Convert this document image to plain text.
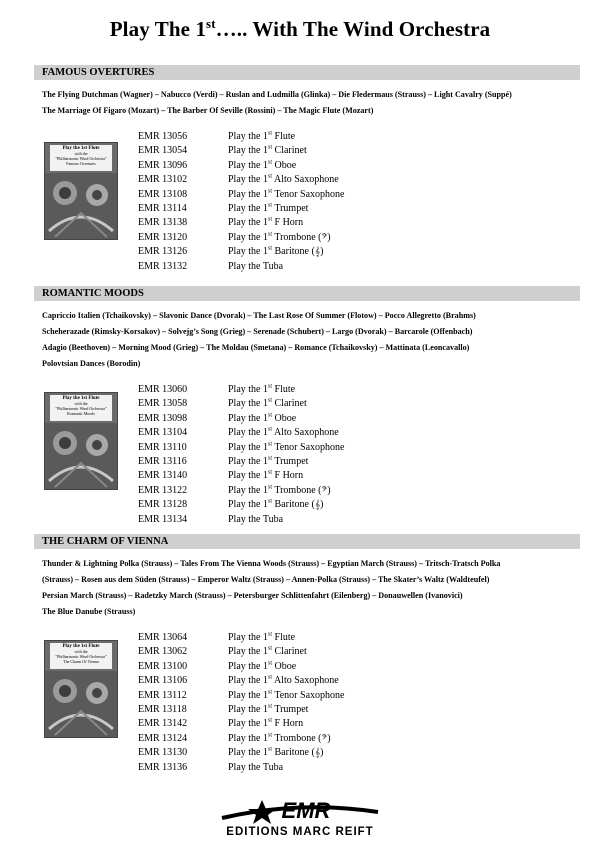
Play The 1st….. With The Wind Orchestra
FAMOUS OVERTURES
The Flying Dutchman (Wagner) – Nabucco (Verdi) – Ruslan and Ludmilla (Glinka) – Die Fledermaus (Strauss) – Light Cavalry (Suppé)
The Marriage Of Figaro (Mozart) – The Barber Of Seville (Rossini) – The Magic Flute (Mozart)
Play the 1st Flute
with the
"Philharmonic Wind Orchestra"
Famous Overtures
EMR 13056	Play the 1st Flute
EMR 13054	Play the 1st Clarinet
EMR 13096	Play the 1st Oboe
EMR 13102	Play the 1st Alto Saxophone
EMR 13108	Play the 1st Tenor Saxophone
EMR 13114	Play the 1st Trumpet
EMR 13138	Play the 1st F Horn
EMR 13120	Play the 1st Trombone (𝄢)
EMR 13126	Play the 1st Baritone (𝄞)
EMR 13132	Play the Tuba
ROMANTIC MOODS
Capriccio Italien (Tchaikovsky) – Slavonic Dance (Dvorak) – The Last Rose Of Summer (Flotow) – Pocco Allegretto (Brahms)
Scheherazade (Rimsky-Korsakov) – Solvejg’s Song (Grieg) – Serenade (Schubert) – Largo (Dvorak) – Barcarole (Offenbach)
Adagio (Beethoven) – Morning Mood (Grieg) – The Moldau (Smetana) – Romance (Tchaikovsky) – Mattinata (Leoncavallo)
Polovtsian Dances (Borodin)
Play the 1st Flute
with the
"Philharmonic Wind Orchestra"
Romantic Moods
EMR 13060	Play the 1st Flute
EMR 13058	Play the 1st Clarinet
EMR 13098	Play the 1st Oboe
EMR 13104	Play the 1st Alto Saxophone
EMR 13110	Play the 1st Tenor Saxophone
EMR 13116	Play the 1st Trumpet
EMR 13140	Play the 1st F Horn
EMR 13122	Play the 1st Trombone (𝄢)
EMR 13128	Play the 1st Baritone (𝄞)
EMR 13134	Play the Tuba
THE CHARM OF VIENNA
Thunder & Lightning Polka (Strauss) – Tales From The Vienna Woods (Strauss) – Egyptian March (Strauss) – Tritsch-Tratsch Polka
(Strauss) – Rosen aus dem Süden (Strauss) – Emperor Waltz (Strauss) – Annen-Polka (Strauss) – The Skater’s Waltz (Waldteufel)
Persian March (Strauss) – Radetzky March (Strauss) – Petersburger Schlittenfahrt (Eilenberg) – Donauwellen (Ivanovici)
The Blue Danube (Strauss)
Play the 1st Flute
with the
"Philharmonic Wind Orchestra"
The Charm Of Vienna
EMR 13064	Play the 1st Flute
EMR 13062	Play the 1st Clarinet
EMR 13100	Play the 1st Oboe
EMR 13106	Play the 1st Alto Saxophone
EMR 13112	Play the 1st Tenor Saxophone
EMR 13118	Play the 1st Trumpet
EMR 13142	Play the 1st F Horn
EMR 13124	Play the 1st Trombone (𝄢)
EMR 13130	Play the 1st Baritone (𝄞)
EMR 13136	Play the Tuba
EMR
EDITIONS MARC REIFT
